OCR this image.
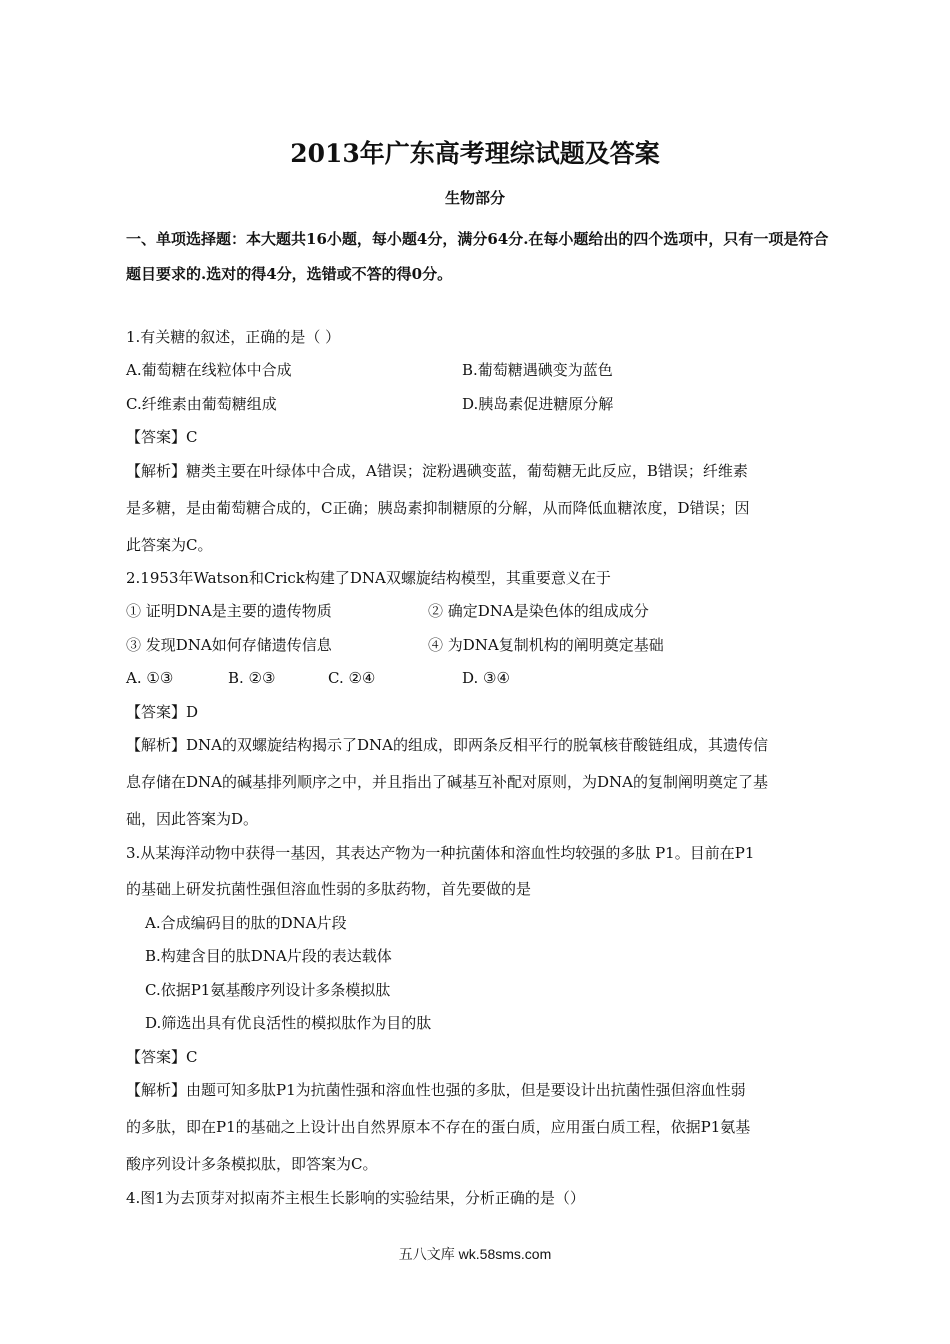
2013年广东高考理综试题及答案
生物部分
一、单项选择题：本大题共16小题，每小题4分，满分64分.在每小题给出的四个选项中，只有一项是符合题目要求的.选对的得4分，选错或不答的得0分。
1.有关糖的叙述，正确的是（ ）
A.葡萄糖在线粒体中合成	B.葡萄糖遇碘变为蓝色
C.纤维素由葡萄糖组成	D.胰岛素促进糖原分解
【答案】C
【解析】糖类主要在叶绿体中合成，A错误；淀粉遇碘变蓝，葡萄糖无此反应，B错误；纤维素
是多糖，是由葡萄糖合成的，C正确；胰岛素抑制糖原的分解，从而降低血糖浓度，D错误；因
此答案为C。
2.1953年Watson和Crick构建了DNA双螺旋结构模型，其重要意义在于
① 证明DNA是主要的遗传物质	② 确定DNA是染色体的组成成分
③ 发现DNA如何存储遗传信息	④ 为DNA复制机构的阐明奠定基础
A. ①③	B. ②③	C. ②④	D. ③④
【答案】D
【解析】DNA的双螺旋结构揭示了DNA的组成，即两条反相平行的脱氧核苷酸链组成，其遗传信
息存储在DNA的碱基排列顺序之中，并且指出了碱基互补配对原则，为DNA的复制阐明奠定了基
础，因此答案为D。
3.从某海洋动物中获得一基因，其表达产物为一种抗菌体和溶血性均较强的多肽 P1。目前在P1
的基础上研发抗菌性强但溶血性弱的多肽药物，首先要做的是
A.合成编码目的肽的DNA片段
B.构建含目的肽DNA片段的表达载体
C.依据P1氨基酸序列设计多条模拟肽
D.筛选出具有优良活性的模拟肽作为目的肽
【答案】C
【解析】由题可知多肽P1为抗菌性强和溶血性也强的多肽，但是要设计出抗菌性强但溶血性弱
的多肽，即在P1的基础之上设计出自然界原本不存在的蛋白质，应用蛋白质工程，依据P1氨基
酸序列设计多条模拟肽，即答案为C。
4.图1为去顶芽对拟南芥主根生长影响的实验结果，分析正确的是（）
五八文库 wk.58sms.com
